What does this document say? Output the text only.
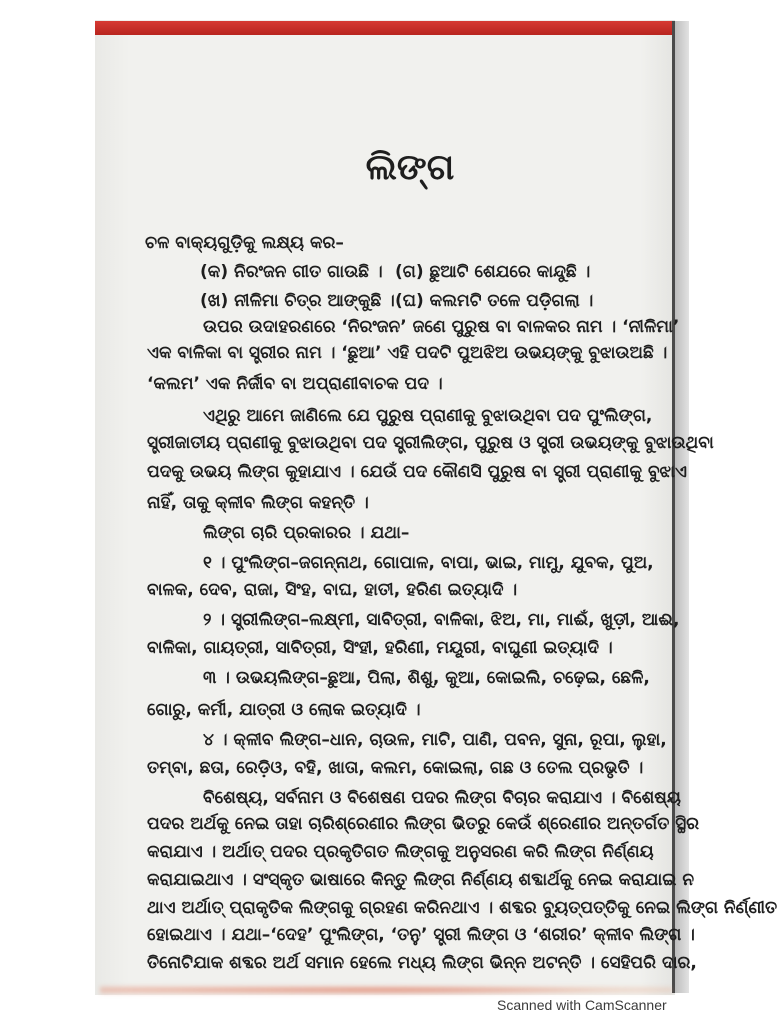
ଲିଙ୍ଗ
ଚଳ ବାକ୍ୟଗୁଡ଼ିକୁ ଲକ୍ଷ୍ୟ କର–
(କ) ନିରଂଜନ ଗୀତ ଗାଉଛି । (ଗ) ଛୁଆଟି ଶେଯରେ କାନ୍ଦୁଛି ।
(ଖ) ନୀଳିମା ଚିତ୍ର ଆଙ୍କୁଛି । (ଘ) କଲମଟି ତଳେ ପଡ଼ିଗଲା ।
ଉପର ଉଦାହରଣରେ ‘ନିରଂଜନ’ ଜଣେ ପୁରୁଷ ବା ବାଳକର ନାମ । ‘ନୀଳିମା’
ଏକ ବାଳିକା ବା ସ୍ତ୍ରୀର ନାମ । ‘ଛୁଆ’ ଏହି ପଦଟି ପୁଅଝିଅ ଉଭୟଙ୍କୁ ବୁଝାଉଅଛି ।
‘କଲମ’ ଏକ ନିର୍ଜୀବ ବା ଅପ୍ରାଣୀବାଚକ ପଦ ।
ଏଥିରୁ ଆମେ ଜାଣିଲେ ଯେ ପୁରୁଷ ପ୍ରାଣୀକୁ ବୁଝାଉଥିବା ପଦ ପୁଂଲିଙ୍ଗ,
ସ୍ତ୍ରୀଜାତୀୟ ପ୍ରାଣୀକୁ ବୁଝାଉଥିବା ପଦ ସ୍ତ୍ରୀଲିଙ୍ଗ, ପୁରୁଷ ଓ ସ୍ତ୍ରୀ ଉଭୟଙ୍କୁ ବୁଝାଉଥିବା
ପଦକୁ ଉଭୟ ଲିଙ୍ଗ କୁହାଯାଏ । ଯେଉଁ ପଦ କୌଣସି ପୁରୁଷ ବା ସ୍ତ୍ରୀ ପ୍ରାଣୀକୁ ବୁଝାଏ
ନାହିଁ, ତାକୁ କ୍ଳୀବ ଲିଙ୍ଗ କହନ୍ତି ।
ଲିଙ୍ଗ ଚାରି ପ୍ରକାରର । ଯଥା–
୧ । ପୁଂଲିଙ୍ଗ–ଜଗନ୍ନାଥ, ଗୋପାଳ, ବାପା, ଭାଇ, ମାମୁ, ଯୁବକ, ପୁଅ,
ବାଳକ, ଦେବ, ରାଜା, ସିଂହ, ବାଘ, ହାତୀ, ହରିଣ ଇତ୍ୟାଦି ।
୨ । ସ୍ତ୍ରୀଲିଙ୍ଗ–ଲକ୍ଷ୍ମୀ, ସାବିତ୍ରୀ, ବାଳିକା, ଝିଅ, ମା, ମାଈଁ, ଖୁଡ଼ୀ, ଆଈ,
ବାଳିକା, ଗାୟତ୍ରୀ, ସାବିତ୍ରୀ, ସିଂହୀ, ହରିଣୀ, ମୟୂରୀ, ବାଘୁଣୀ ଇତ୍ୟାଦି ।
୩ । ଉଭୟଲିଙ୍ଗ–ଛୁଆ, ପିଲା, ଶିଶୁ, କୁଆ, କୋଇଲି, ଚଢ଼େଇ, ଛେଳି,
ଗୋରୁ, କର୍ମୀ, ଯାତ୍ରୀ ଓ ଲୋକ ଇତ୍ୟାଦି ।
୪ । କ୍ଳୀବ ଲିଙ୍ଗ–ଧାନ, ଚାଉଳ, ମାଟି, ପାଣି, ପବନ, ସୁନା, ରୂପା, ଲୁହା,
ତମ୍ବା, ଛତା, ରେଡ଼ିଓ, ବହି, ଖାତା, କଲମ, କୋଇଲା, ଗଛ ଓ ତେଲ ପ୍ରଭୃତି ।
ବିଶେଷ୍ୟ, ସର୍ବନାମ ଓ ବିଶେଷଣ ପଦର ଲିଙ୍ଗ ବିଚାର କରାଯାଏ । ବିଶେଷ୍ୟ
ପଦର ଅର୍ଥକୁ ନେଇ ତାହା ଚାରିଶ୍ରେଣୀର ଲିଙ୍ଗ ଭିତରୁ କେଉଁ ଶ୍ରେଣୀର ଅନ୍ତର୍ଗତ ସ୍ଥିର
କରାଯାଏ । ଅର୍ଥାତ୍ ପଦର ପ୍ରକୃତିଗତ ଲିଙ୍ଗକୁ ଅନୁସରଣ କରି ଲିଙ୍ଗ ନିର୍ଣ୍ଣୟ
କରାଯାଇଥାଏ । ସଂସ୍କୃତ ଭାଷାରେ କିନ୍ତୁ ଲିଙ୍ଗ ନିର୍ଣ୍ଣୟ ଶବ୍ଦାର୍ଥକୁ ନେଇ କରାଯାଇ ନ
ଥାଏ ଅର୍ଥାତ୍ ପ୍ରାକୃତିକ ଲିଙ୍ଗକୁ ଗ୍ରହଣ କରିନଥାଏ । ଶବ୍ଦର ବ୍ୟୁତ୍ପତ୍ତିକୁ ନେଇ ଲିଙ୍ଗ ନିର୍ଣ୍ଣୀତ
ହୋଇଥାଏ । ଯଥା–‘ଦେହ’ ପୁଂଲିଙ୍ଗ, ‘ତନୁ’ ସ୍ତ୍ରୀ ଲିଙ୍ଗ ଓ ‘ଶରୀର’ କ୍ଳୀବ ଲିଙ୍ଗ ।
ତିନୋଟିଯାକ ଶବ୍ଦର ଅର୍ଥ ସମାନ ହେଲେ ମଧ୍ୟ ଲିଙ୍ଗ ଭିନ୍ନ ଅଟନ୍ତି । ସେହିପରି ଦାର,
Scanned with CamScanner
